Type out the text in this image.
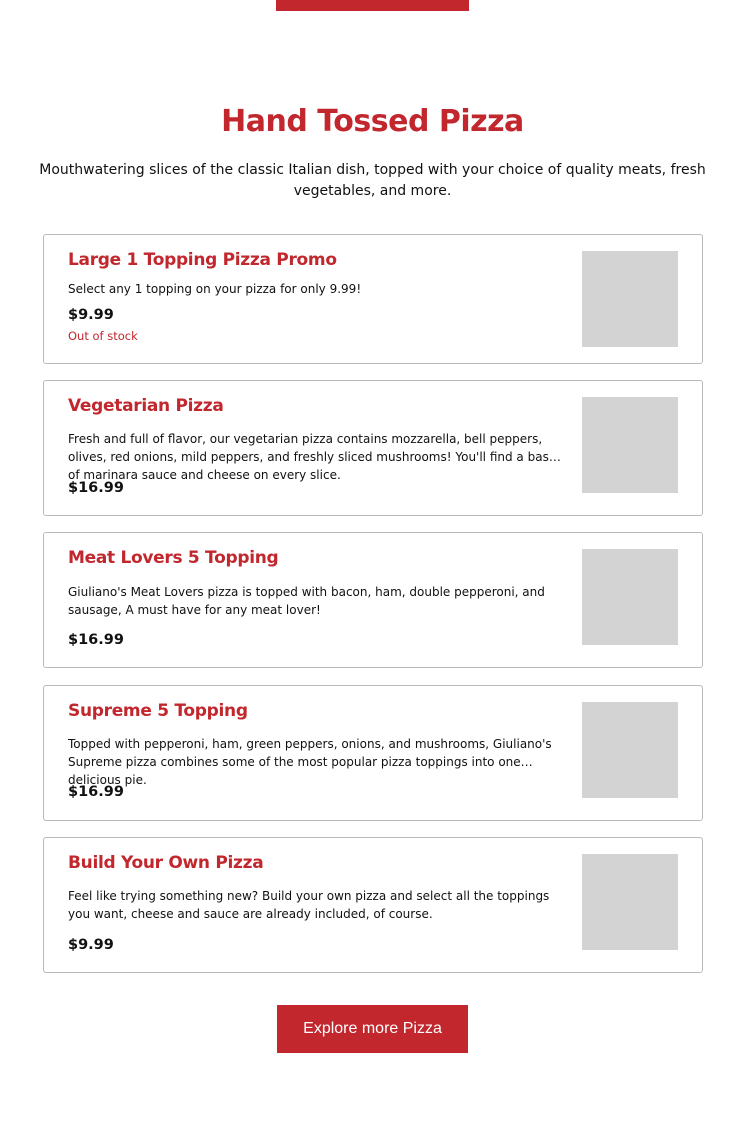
Hand Tossed Pizza

Mouthwatering slices of the classic Italian dish, topped with your choice of quality meats, fresh vegetables, and more.

Large 1 Topping Pizza Promo
Select any 1 topping on your pizza for only 9.99!
$9.99
Out of stock
Vegetarian Pizza
Fresh and full of flavor, our vegetarian pizza contains mozzarella, bell peppers, olives, red onions, mild peppers, and freshly sliced mushrooms! You'll find a base of marinara sauce and cheese on every slice.
$16.99
Meat Lovers 5 Topping
Giuliano's Meat Lovers pizza is topped with bacon, ham, double pepperoni, and sausage, A must have for any meat lover!
$16.99
Supreme 5 Topping
Topped with pepperoni, ham, green peppers, onions, and mushrooms, Giuliano's Supreme pizza combines some of the most popular pizza toppings into one delicious pie.
$16.99
Build Your Own Pizza
Feel like trying something new? Build your own pizza and select all the toppings you want, cheese and sauce are already included, of course.
$9.99
Explore more Pizza
